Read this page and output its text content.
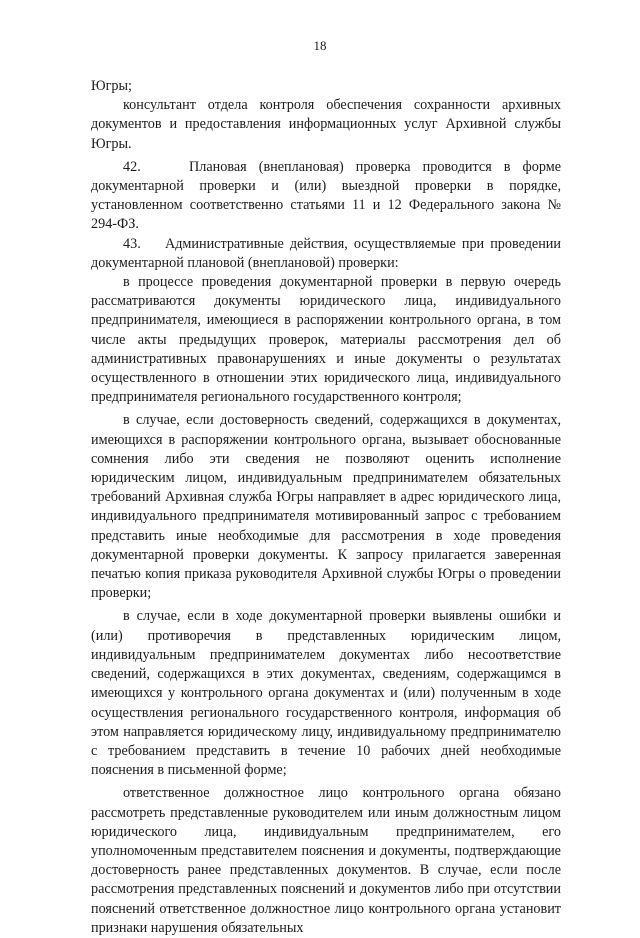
18

Югры;

консультант отдела контроля обеспечения сохранности архивных документов и предоставления информационных услуг Архивной службы Югры.

42.    Плановая (внеплановая) проверка проводится в форме документарной проверки и (или) выездной проверки в порядке, установленном соответственно статьями 11 и 12 Федерального закона № 294-ФЗ.

43.    Административные действия, осуществляемые при проведении документарной плановой (внеплановой) проверки:

в процессе проведения документарной проверки в первую очередь рассматриваются документы юридического лица, индивидуального предпринимателя, имеющиеся в распоряжении контрольного органа, в том числе акты предыдущих проверок, материалы рассмотрения дел об административных правонарушениях и иные документы о результатах осуществленного в отношении этих юридического лица, индивидуального предпринимателя регионального государственного контроля;

в случае, если достоверность сведений, содержащихся в документах, имеющихся в распоряжении контрольного органа, вызывает обоснованные сомнения либо эти сведения не позволяют оценить исполнение юридическим лицом, индивидуальным предпринимателем обязательных требований Архивная служба Югры направляет в адрес юридического лица, индивидуального предпринимателя мотивированный запрос с требованием представить иные необходимые для рассмотрения в ходе проведения документарной проверки документы. К запросу прилагается заверенная печатью копия приказа руководителя Архивной службы Югры о проведении проверки;

в случае, если в ходе документарной проверки выявлены ошибки и (или) противоречия в представленных юридическим лицом, индивидуальным предпринимателем документах либо несоответствие сведений, содержащихся в этих документах, сведениям, содержащимся в имеющихся у контрольного органа документах и (или) полученным в ходе осуществления регионального государственного контроля, информация об этом направляется юридическому лицу, индивидуальному предпринимателю с требованием представить в течение 10 рабочих дней необходимые пояснения в письменной форме;

ответственное должностное лицо контрольного органа обязано рассмотреть представленные руководителем или иным должностным лицом юридического лица, индивидуальным предпринимателем, его уполномоченным представителем пояснения и документы, подтверждающие достоверность ранее представленных документов. В случае, если после рассмотрения представленных пояснений и документов либо при отсутствии пояснений ответственное должностное лицо контрольного органа установит признаки нарушения обязательных
